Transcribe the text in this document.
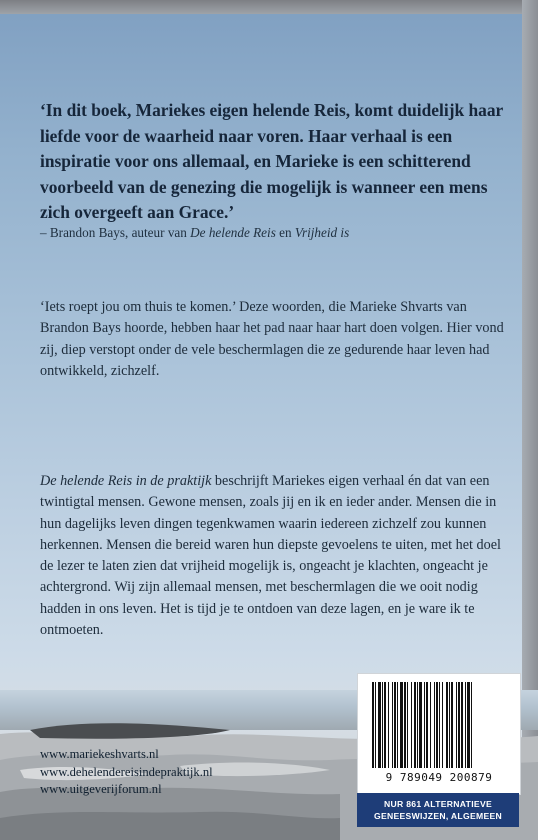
‘In dit boek, Mariekes eigen helende Reis, komt duidelijk haar liefde voor de waarheid naar voren. Haar verhaal is een inspiratie voor ons allemaal, en Marieke is een schitterend voorbeeld van de genezing die mogelijk is wanneer een mens zich overgeeft aan Grace.’
– Brandon Bays, auteur van De helende Reis en Vrijheid is
‘Iets roept jou om thuis te komen.’ Deze woorden, die Marieke Shvarts van Brandon Bays hoorde, hebben haar het pad naar haar hart doen volgen. Hier vond zij, diep verstopt onder de vele beschermlagen die ze gedurende haar leven had ontwikkeld, zichzelf.
De helende Reis in de praktijk beschrijft Mariekes eigen verhaal én dat van een twintigtal mensen. Gewone mensen, zoals jij en ik en ieder ander. Mensen die in hun dagelijks leven dingen tegenkwamen waarin iedereen zichzelf zou kunnen herkennen. Mensen die bereid waren hun diepste gevoelens te uiten, met het doel de lezer te laten zien dat vrijheid mogelijk is, ongeacht je klachten, ongeacht je achtergrond. Wij zijn allemaal mensen, met beschermlagen die we ooit nodig hadden in ons leven. Het is tijd je te ontdoen van deze lagen, en je ware ik te ontmoeten.
www.mariekeshvarts.nl
www.dehelendereisindepraktijk.nl
www.uitgeverijforum.nl
9 789049 200879
NUR 861 ALTERNATIEVE
GENEESWIJZEN, ALGEMEEN
